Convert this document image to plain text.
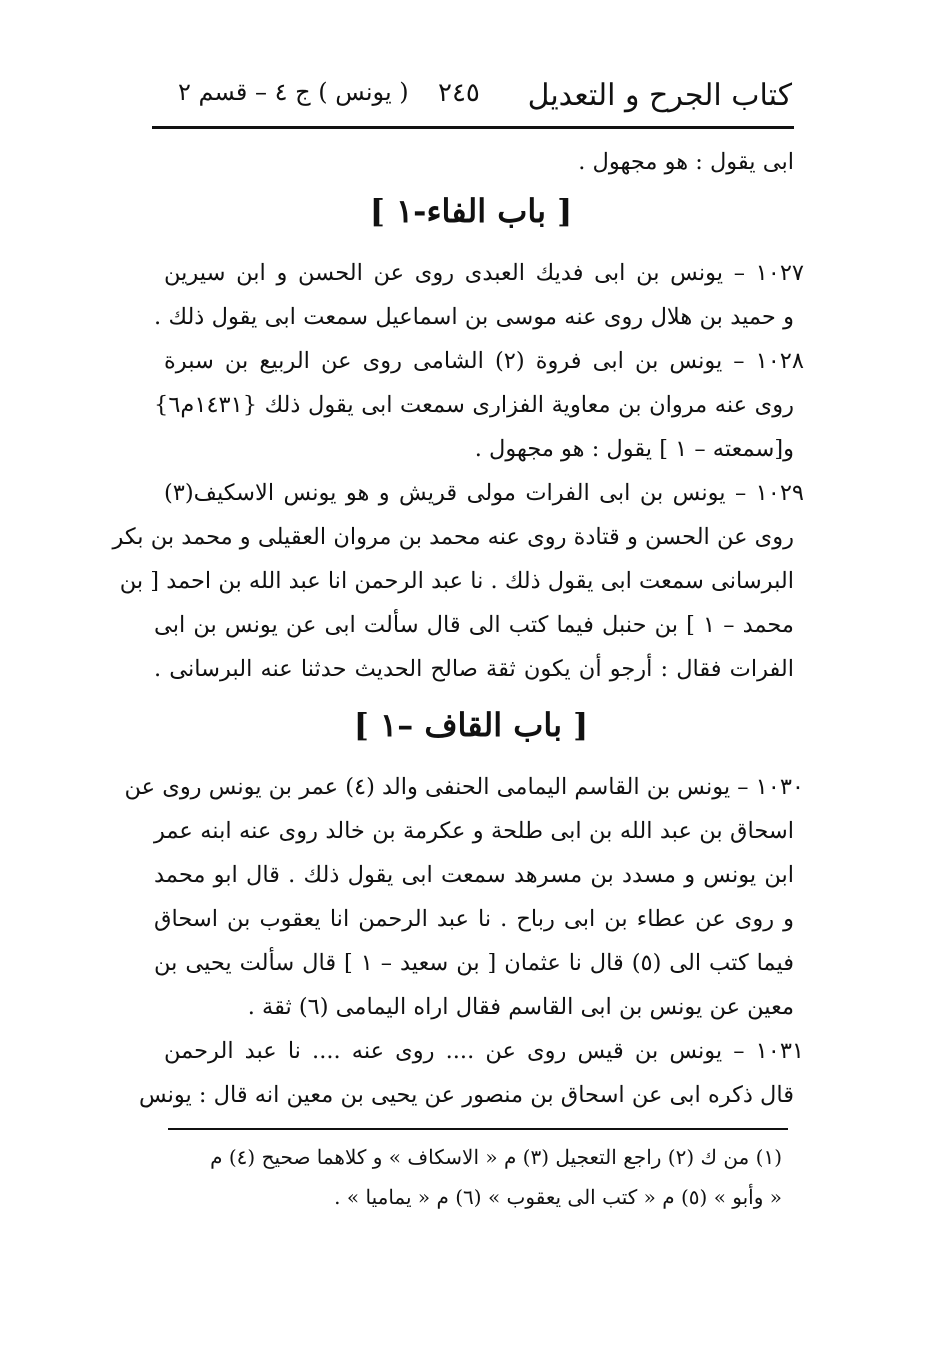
كتاب الجرح و التعديل
٢٤٥
( يونس ) ج ٤ – قسم ٢
ابى يقول : هو مجهول .
[ باب الفاء-١ ]
١٠٢٧ – يونس بن ابى فديك العبدى روى عن الحسن و ابن سيرين
و حميد بن هلال روى عنه موسى بن اسماعيل سمعت ابى يقول ذلك .
١٠٢٨ – يونس بن ابى فروة (٢) الشامى روى عن الربيع بن سبرة
روى عنه مروان بن معاوية الفزارى سمعت ابى يقول ذلك {١٤٣١م٦}
و[سمعته – ١ ] يقول : هو مجهول .
١٠٢٩ – يونس بن ابى الفرات مولى قريش و هو يونس الاسكيف(٣)
روى عن الحسن و قتادة روى عنه محمد بن مروان العقيلى و محمد بن بكر
البرسانى سمعت ابى يقول ذلك . نا عبد الرحمن انا عبد الله بن احمد [ بن
محمد – ١ ] بن حنبل فيما كتب الى قال سألت ابى عن يونس بن ابى
الفرات فقال : أرجو أن يكون ثقة صالح الحديث حدثنا عنه البرسانى .
[ باب القاف –١ ]
١٠٣٠ – يونس بن القاسم اليمامى الحنفى والد (٤) عمر بن يونس روى عن
اسحاق بن عبد الله بن ابى طلحة و عكرمة بن خالد روى عنه ابنه عمر
ابن يونس و مسدد بن مسرهد سمعت ابى يقول ذلك . قال ابو محمد
و روى عن عطاء بن ابى رباح . نا عبد الرحمن انا يعقوب بن اسحاق
فيما كتب الى (٥) قال نا عثمان [ بن سعيد – ١ ] قال سألت يحيى بن
معين عن يونس بن ابى القاسم فقال اراه اليمامى (٦) ثقة .
١٠٣١ – يونس بن قيس روى عن .... روى عنه .... نا عبد الرحمن
قال ذكره ابى عن اسحاق بن منصور عن يحيى بن معين انه قال : يونس
(١) من ك (٢) راجع التعجيل (٣) م « الاسكاف » و كلاهما صحيح (٤) م
« وأبو » (٥) م « كتب الى يعقوب » (٦) م « يماميا » .
